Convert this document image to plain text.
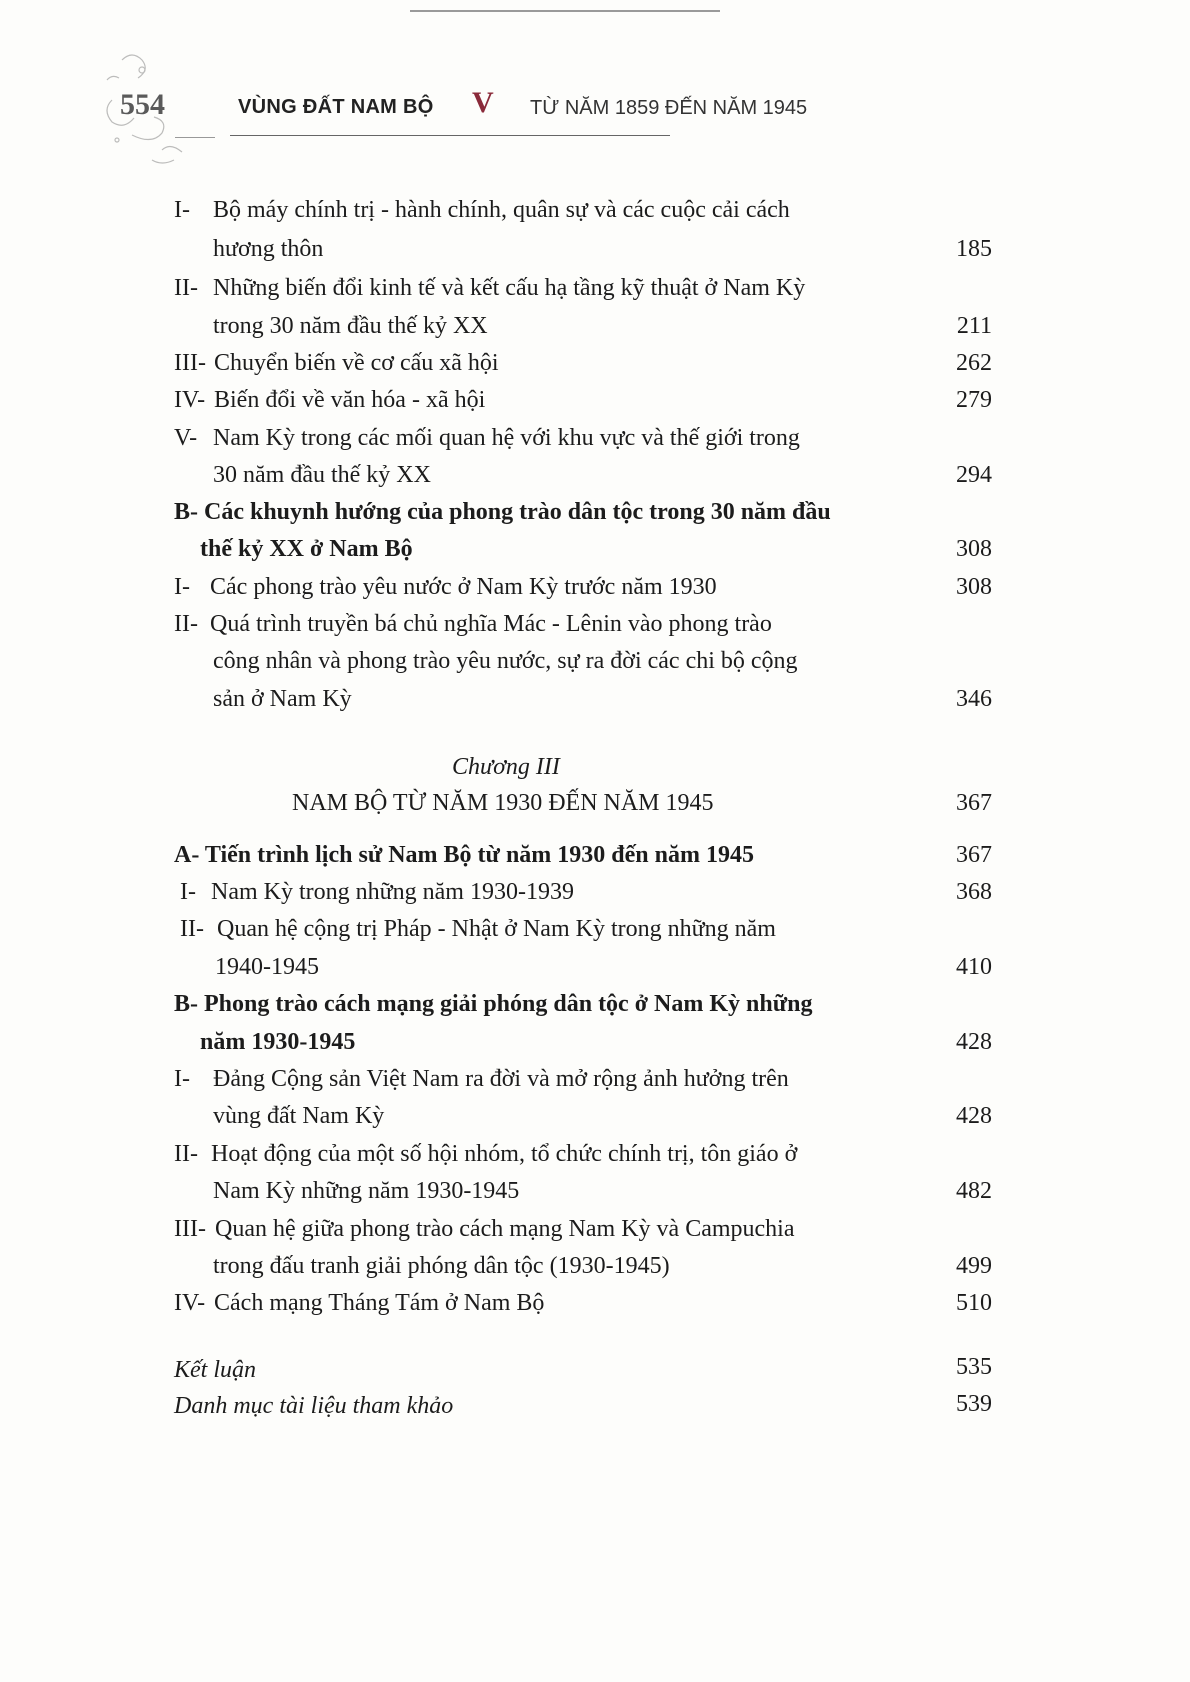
554	VÙNG ĐẤT NAM BỘ V TỪ NĂM 1859 ĐẾN NĂM 1945
I- Bộ máy chính trị - hành chính, quân sự và các cuộc cải cách
hương thôn	185
II- Những biến đổi kinh tế và kết cấu hạ tầng kỹ thuật ở Nam Kỳ
trong 30 năm đầu thế kỷ XX	211
III- Chuyển biến về cơ cấu xã hội	262
IV- Biến đổi về văn hóa - xã hội	279
V- Nam Kỳ trong các mối quan hệ với khu vực và thế giới trong
30 năm đầu thế kỷ XX	294
B- Các khuynh hướng của phong trào dân tộc trong 30 năm đầu
thế kỷ XX ở Nam Bộ	308
I- Các phong trào yêu nước ở Nam Kỳ trước năm 1930	308
II- Quá trình truyền bá chủ nghĩa Mác - Lênin vào phong trào
công nhân và phong trào yêu nước, sự ra đời các chi bộ cộng
sản ở Nam Kỳ	346
Chương III
NAM BỘ TỪ NĂM 1930 ĐẾN NĂM 1945	367
A- Tiến trình lịch sử Nam Bộ từ năm 1930 đến năm 1945	367
I- Nam Kỳ trong những năm 1930-1939	368
II- Quan hệ cộng trị Pháp - Nhật ở Nam Kỳ trong những năm
1940-1945	410
B- Phong trào cách mạng giải phóng dân tộc ở Nam Kỳ những
năm 1930-1945	428
I- Đảng Cộng sản Việt Nam ra đời và mở rộng ảnh hưởng trên
vùng đất Nam Kỳ	428
II- Hoạt động của một số hội nhóm, tổ chức chính trị, tôn giáo ở
Nam Kỳ những năm 1930-1945	482
III- Quan hệ giữa phong trào cách mạng Nam Kỳ và Campuchia
trong đấu tranh giải phóng dân tộc (1930-1945)	499
IV- Cách mạng Tháng Tám ở Nam Bộ	510
Kết luận	535
Danh mục tài liệu tham khảo	539
